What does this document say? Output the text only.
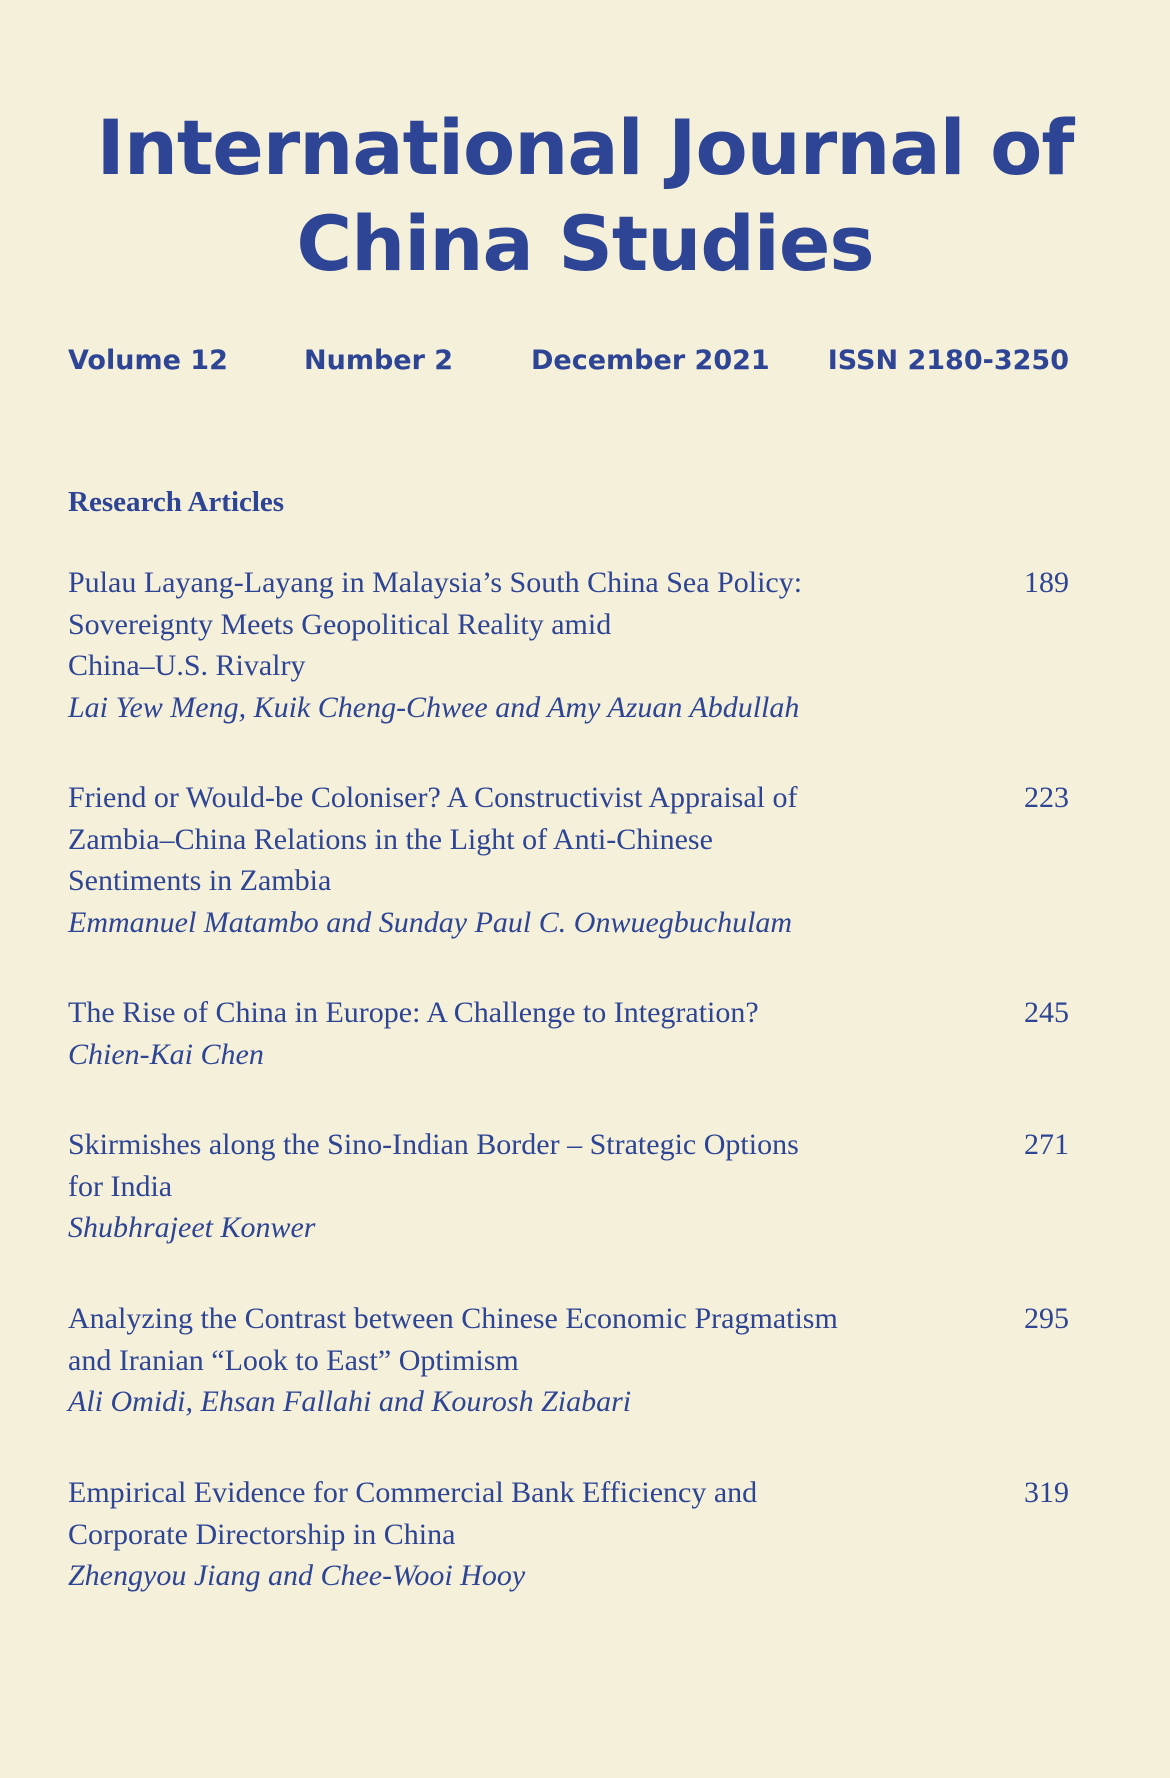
International Journal of
China Studies
Volume 12	Number 2	December 2021 ISSN 2180-3250
Research Articles
Pulau Layang-Layang in Malaysia’s South China Sea Policy:
Sovereignty Meets Geopolitical Reality amid
China–U.S. Rivalry
Lai Yew Meng, Kuik Cheng-Chwee and Amy Azuan Abdullah
189
Friend or Would-be Coloniser? A Constructivist Appraisal of
Zambia–China Relations in the Light of Anti-Chinese
Sentiments in Zambia
Emmanuel Matambo and Sunday Paul C. Onwuegbuchulam
223
The Rise of China in Europe: A Challenge to Integration?
Chien-Kai Chen
245
Skirmishes along the Sino-Indian Border – Strategic Options
for India
Shubhrajeet Konwer
271
Analyzing the Contrast between Chinese Economic Pragmatism
and Iranian “Look to East” Optimism
Ali Omidi, Ehsan Fallahi and Kourosh Ziabari
295
Empirical Evidence for Commercial Bank Efficiency and
Corporate Directorship in China
Zhengyou Jiang and Chee-Wooi Hooy
319
